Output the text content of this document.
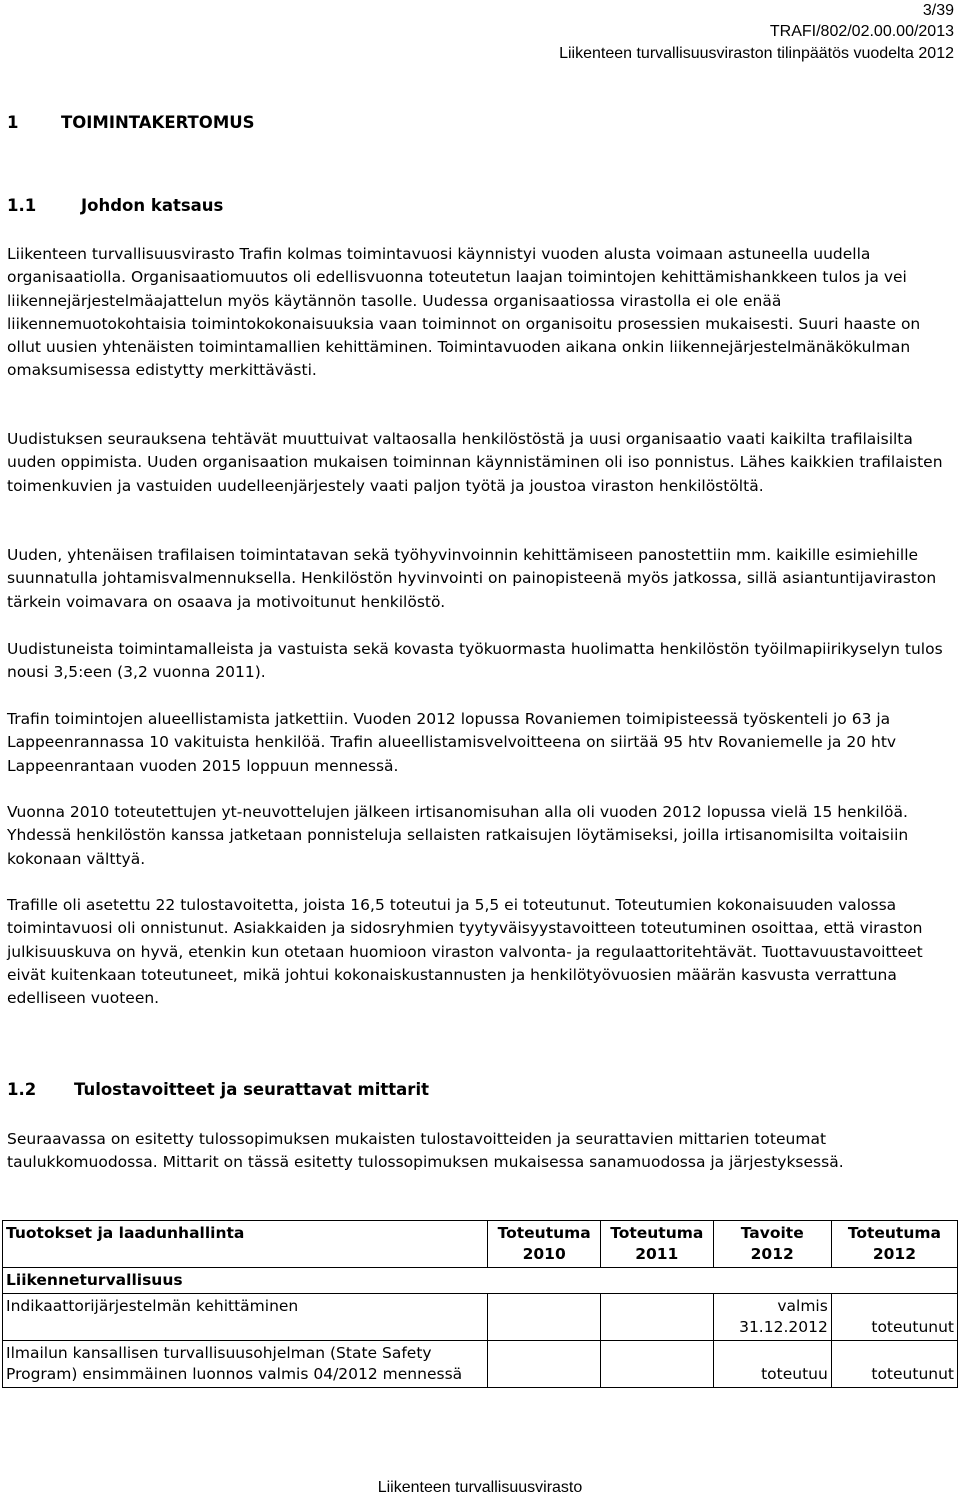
3/39
TRAFI/802/02.00.00/2013
Liikenteen turvallisuusviraston tilinpäätös vuodelta 2012
1	TOIMINTAKERTOMUS
1.1	Johdon katsaus

Liikenteen turvallisuusvirasto Trafin kolmas toimintavuosi käynnistyi vuoden alusta voimaan astuneella uudella organisaatiolla. Organisaatiomuutos oli edellisvuonna toteutetun laajan toimintojen kehittämishankkeen tulos ja vei liikennejärjestelmäajattelun myös käytännön tasolle. Uudessa organisaatiossa virastolla ei ole enää liikennemuotokohtaisia toimintokokonaisuuksia vaan toiminnot on organisoitu prosessien mukaisesti. Suuri haaste on ollut uusien yhtenäisten toimintamallien kehittäminen. Toimintavuoden aikana onkin liikennejärjestelmänäkökulman omaksumisessa edistytty merkittävästi.

Uudistuksen seurauksena tehtävät muuttuivat valtaosalla henkilöstöstä ja uusi organisaatio vaati kaikilta trafilaisilta uuden oppimista. Uuden organisaation mukaisen toiminnan käynnistäminen oli iso ponnistus. Lähes kaikkien trafilaisten toimenkuvien ja vastuiden uudelleenjärjestely vaati paljon työtä ja joustoa viraston henkilöstöltä.

Uuden, yhtenäisen trafilaisen toimintatavan sekä työhyvinvoinnin kehittämiseen panostettiin mm. kaikille esimiehille suunnatulla johtamisvalmennuksella. Henkilöstön hyvinvointi on painopisteenä myös jatkossa, sillä asiantuntijaviraston tärkein voimavara on osaava ja motivoitunut henkilöstö.

Uudistuneista toimintamalleista ja vastuista sekä kovasta työkuormasta huolimatta henkilöstön työilmapiirikyselyn tulos nousi 3,5:een (3,2 vuonna 2011).

Trafin toimintojen alueellistamista jatkettiin. Vuoden 2012 lopussa Rovaniemen toimipisteessä työskenteli jo 63 ja Lappeenrannassa 10 vakituista henkilöä. Trafin alueellistamisvelvoitteena on siirtää 95 htv Rovaniemelle ja 20 htv Lappeenrantaan vuoden 2015 loppuun mennessä.

Vuonna 2010 toteutettujen yt-neuvottelujen jälkeen irtisanomisuhan alla oli vuoden 2012 lopussa vielä 15 henkilöä. Yhdessä henkilöstön kanssa jatketaan ponnisteluja sellaisten ratkaisujen löytämiseksi, joilla irtisanomisilta voitaisiin kokonaan välttyä.

Trafille oli asetettu 22 tulostavoitetta, joista 16,5 toteutui ja 5,5 ei toteutunut. Toteutumien kokonaisuuden valossa toimintavuosi oli onnistunut. Asiakkaiden ja sidosryhmien tyytyväisyystavoitteen toteutuminen osoittaa, että viraston julkisuuskuva on hyvä, etenkin kun otetaan huomioon viraston valvonta- ja regulaattoritehtävät. Tuottavuustavoitteet eivät kuitenkaan toteutuneet, mikä johtui kokonaiskustannusten ja henkilötyövuosien määrän kasvusta verrattuna edelliseen vuoteen.

1.2 Tulostavoitteet ja seurattavat mittarit

Seuraavassa on esitetty tulossopimuksen mukaisten tulostavoitteiden ja seurattavien mittarien toteumat taulukkomuodossa. Mittarit on tässä esitetty tulossopimuksen mukaisessa sanamuodossa ja järjestyksessä.

Tuotokset ja laadunhallinta	Toteutuma 2010	Toteutuma 2011	Tavoite 2012	Toteutuma 2012
Liikenneturvallisuus				
Indikaattorijärjestelmän kehittäminen			valmis 31.12.2012	toteutunut
Ilmailun kansallisen turvallisuusohjelman (State Safety Program) ensimmäinen luonnos valmis 04/2012 mennessä			toteutuu	toteutunut
Liikenteen turvallisuusvirasto
